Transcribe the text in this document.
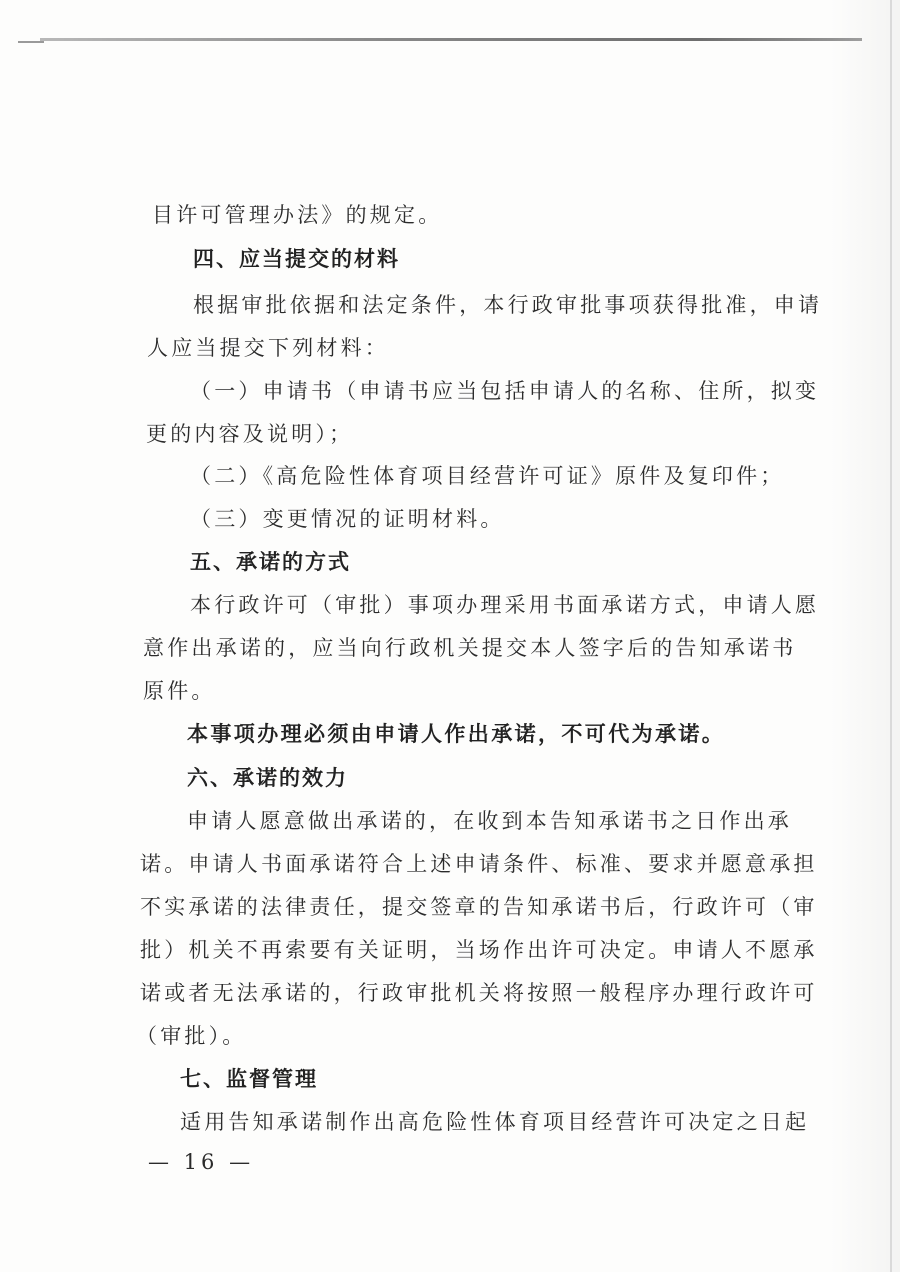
目许可管理办法》的规定。
四、应当提交的材料
根据审批依据和法定条件，本行政审批事项获得批准，申请
人应当提交下列材料：
（一）申请书（申请书应当包括申请人的名称、住所，拟变
更的内容及说明）；
（二）《高危险性体育项目经营许可证》原件及复印件；
（三）变更情况的证明材料。
五、承诺的方式
本行政许可（审批）事项办理采用书面承诺方式，申请人愿
意作出承诺的，应当向行政机关提交本人签字后的告知承诺书
原件。
本事项办理必须由申请人作出承诺，不可代为承诺。
六、承诺的效力
申请人愿意做出承诺的，在收到本告知承诺书之日作出承
诺。申请人书面承诺符合上述申请条件、标准、要求并愿意承担
不实承诺的法律责任，提交签章的告知承诺书后，行政许可（审
批）机关不再索要有关证明，当场作出许可决定。申请人不愿承
诺或者无法承诺的，行政审批机关将按照一般程序办理行政许可
（审批）。
七、监督管理
适用告知承诺制作出高危险性体育项目经营许可决定之日起
— 16 —
